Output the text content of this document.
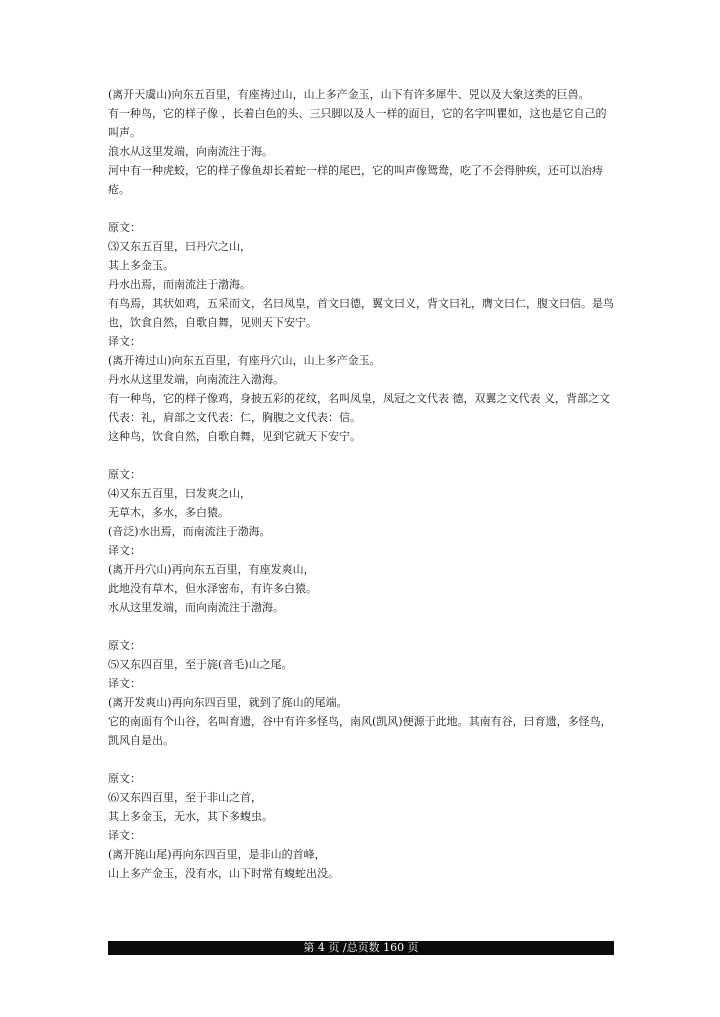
(离开天虞山)向东五百里，有座祷过山，山上多产金玉，山下有许多犀牛、兕以及大象这类的巨兽。
有一种鸟，它的样子像 ，长着白色的头、三只脚以及人一样的面目，它的名字叫瞿如，这也是它自己的叫声。
浪水从这里发端，向南流注于海。
河中有一种虎蛟，它的样子像鱼却长着蛇一样的尾巴，它的叫声像鸳鸯，吃了不会得肿疾，还可以治痔疮。
原文：
⑶又东五百里，曰丹穴之山，
其上多金玉。
丹水出焉，而南流注于渤海。
有鸟焉，其状如鸡，五采而文，名曰凤皇，首文曰德，翼文曰义，背文曰礼，膺文曰仁，腹文曰信。是鸟也，饮食自然，自歌自舞，见则天下安宁。
译文：
(离开祷过山)向东五百里，有座丹穴山，山上多产金玉。
丹水从这里发端，向南流注入渤海。
有一种鸟，它的样子像鸡，身披五彩的花纹，名叫凤皇，凤冠之文代表 德，双翼之文代表 义，背部之文代表：礼，肩部之文代表：仁，胸腹之文代表：信。
这种鸟，饮食自然，自歌自舞，见到它就天下安宁。
原文：
⑷又东五百里，曰发爽之山，
无草木，多水，多白猿。
(音泛)水出焉，而南流注于渤海。
译文：
(离开丹穴山)再向东五百里，有座发爽山，
此地没有草木，但水泽密布，有许多白猿。
水从这里发端，而向南流注于渤海。
原文：
⑸又东四百里，至于旄(音毛)山之尾。
译文：
(离开发爽山)再向东四百里，就到了旄山的尾端。
它的南面有个山谷，名叫育遗，谷中有许多怪鸟，南风(凯风)便源于此地。其南有谷，曰育遗，多怪鸟，凯风自是出。
原文：
⑹又东四百里，至于非山之首，
其上多金玉，无水，其下多蝮虫。
译文：
(离开旄山尾)再向东四百里，是非山的首峰，
山上多产金玉，没有水，山下时常有蝮蛇出没。
第 4 页 /总页数 160 页
